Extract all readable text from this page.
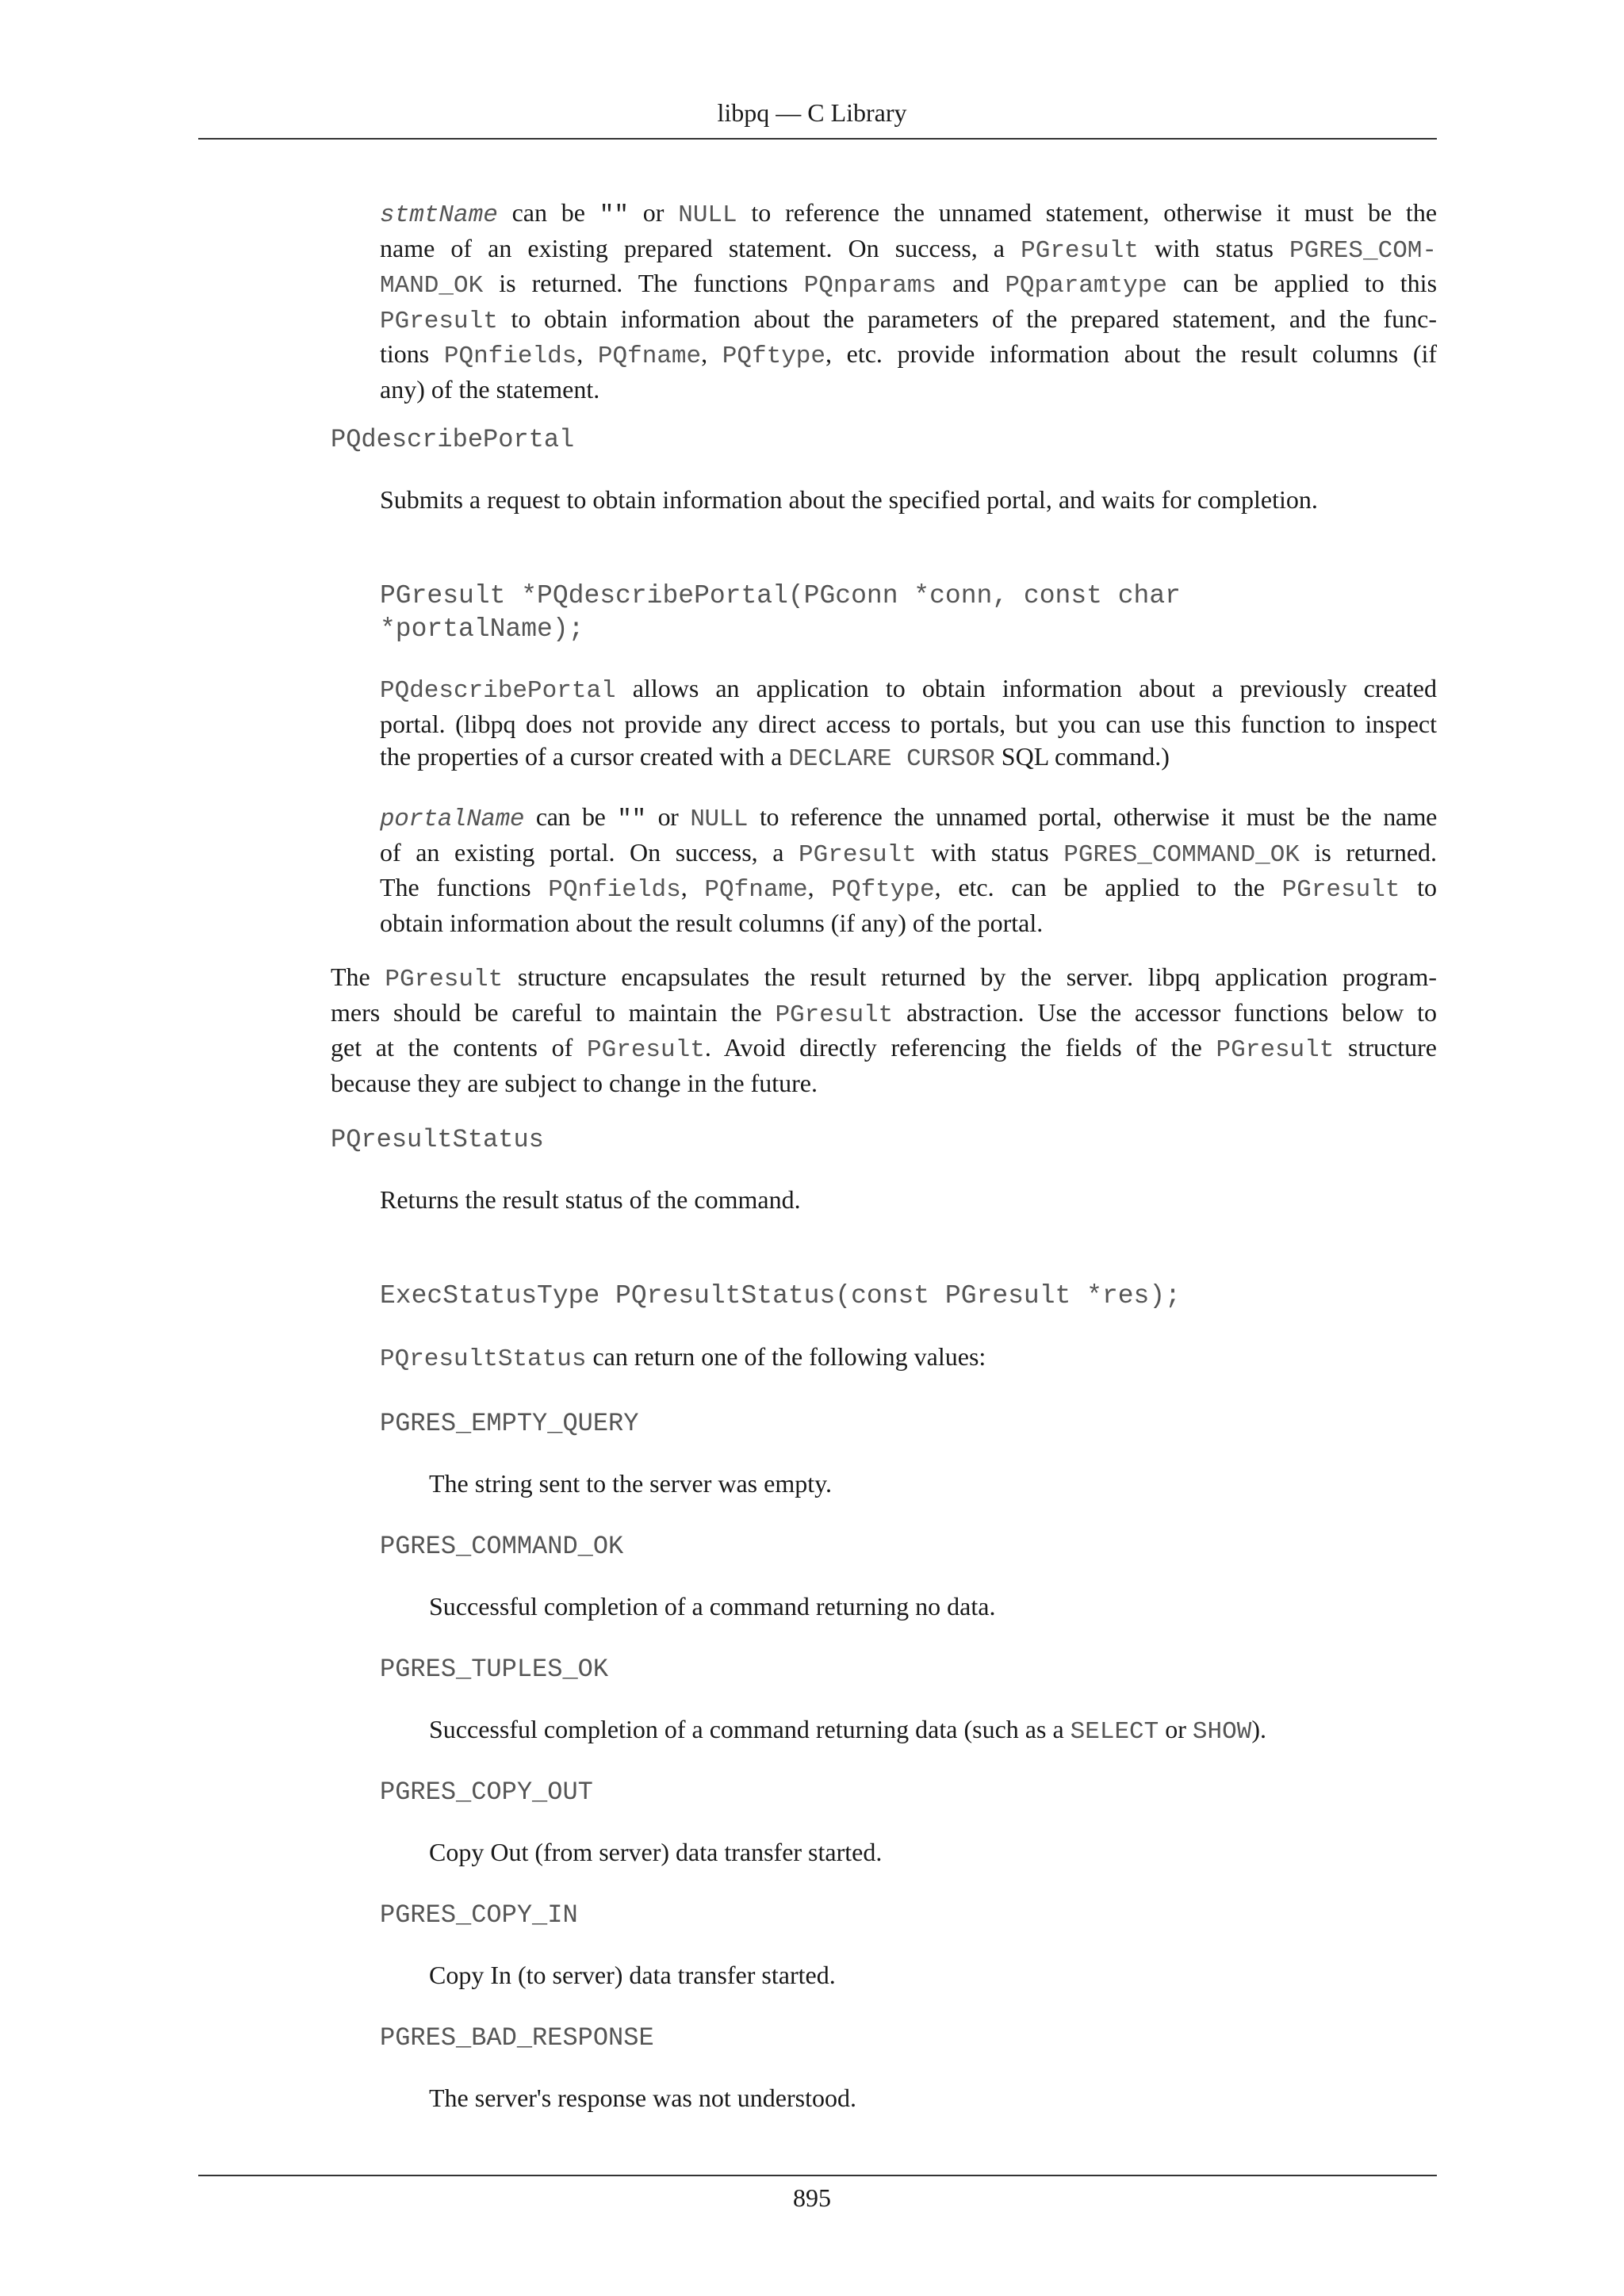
libpq — C Library
stmtName can be "" or NULL to reference the unnamed statement, otherwise it must be the
name of an existing prepared statement. On success, a PGresult with status PGRES_COM-
MAND_OK is returned. The functions PQnparams and PQparamtype can be applied to this
PGresult to obtain information about the parameters of the prepared statement, and the func-
tions PQnfields, PQfname, PQftype, etc. provide information about the result columns (if
any) of the statement.
PQdescribePortal
Submits a request to obtain information about the specified portal, and waits for completion.
PGresult *PQdescribePortal(PGconn *conn, const char
*portalName);
PQdescribePortal allows an application to obtain information about a previously created
portal. (libpq does not provide any direct access to portals, but you can use this function to inspect
the properties of a cursor created with a DECLARE CURSOR SQL command.)
portalName can be "" or NULL to reference the unnamed portal, otherwise it must be the name
of an existing portal. On success, a PGresult with status PGRES_COMMAND_OK is returned.
The functions PQnfields, PQfname, PQftype, etc. can be applied to the PGresult to
obtain information about the result columns (if any) of the portal.
The PGresult structure encapsulates the result returned by the server. libpq application program-
mers should be careful to maintain the PGresult abstraction. Use the accessor functions below to
get at the contents of PGresult. Avoid directly referencing the fields of the PGresult structure
because they are subject to change in the future.
PQresultStatus
Returns the result status of the command.
ExecStatusType PQresultStatus(const PGresult *res);
PQresultStatus can return one of the following values:
PGRES_EMPTY_QUERY
The string sent to the server was empty.
PGRES_COMMAND_OK
Successful completion of a command returning no data.
PGRES_TUPLES_OK
Successful completion of a command returning data (such as a SELECT or SHOW).
PGRES_COPY_OUT
Copy Out (from server) data transfer started.
PGRES_COPY_IN
Copy In (to server) data transfer started.
PGRES_BAD_RESPONSE
The server's response was not understood.
895
